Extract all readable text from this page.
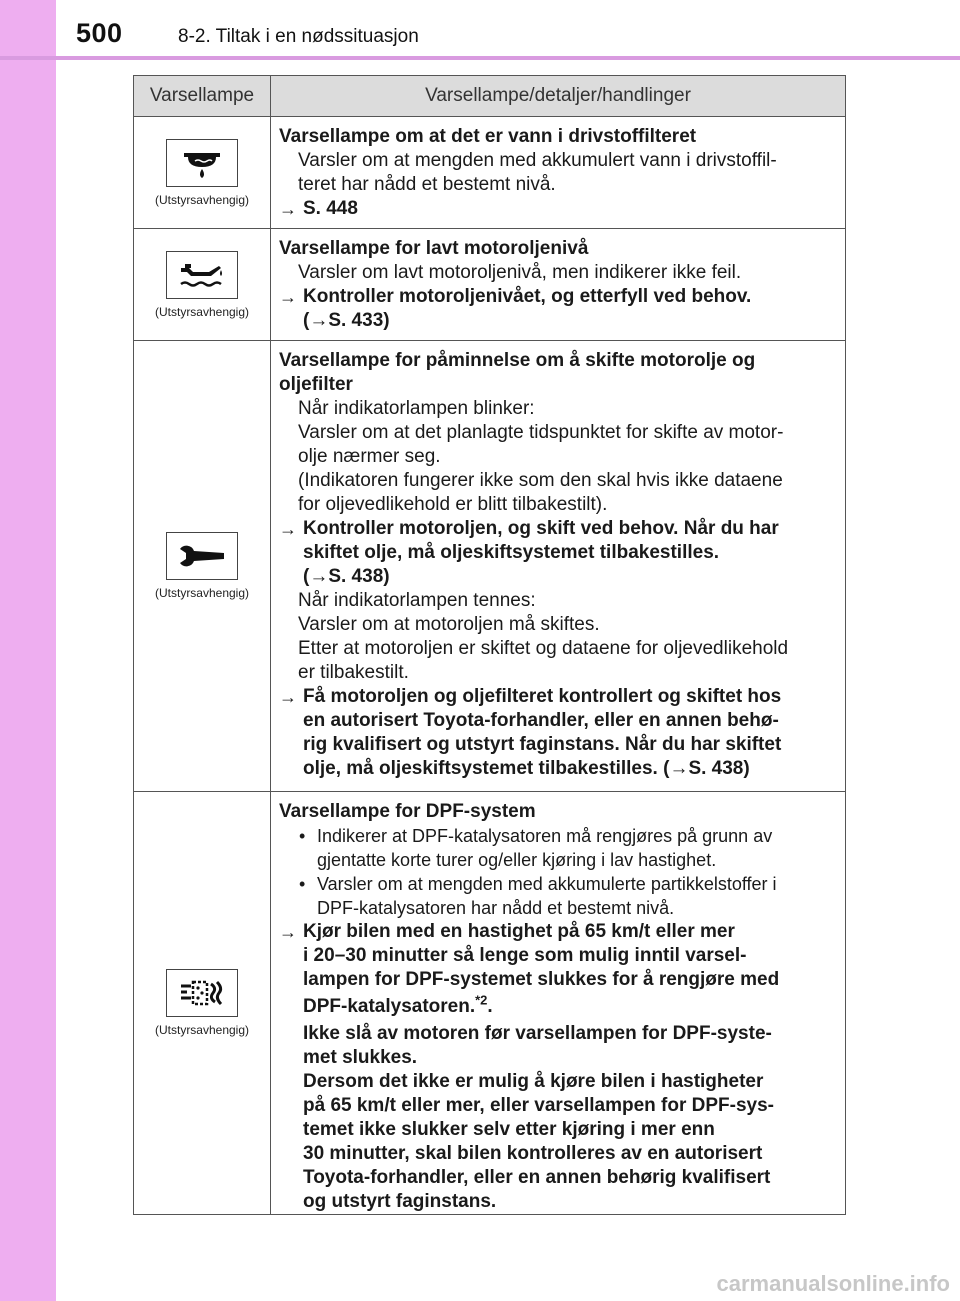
500	8-2. Tiltak i en nødssituasjon
Varsellampe	Varsellampe/detaljer/handlinger
(Utstyrsavhengig)
Varsellampe om at det er vann i drivstoffilteret
Varsler om at mengden med akkumulert vann i drivstoffil-
teret har nådd et bestemt nivå.
→ S. 448
(Utstyrsavhengig)
Varsellampe for lavt motoroljenivå
Varsler om lavt motoroljenivå, men indikerer ikke feil.
→ Kontroller motoroljenivået, og etterfyll ved behov.
(→S. 433)
(Utstyrsavhengig)
Varsellampe for påminnelse om å skifte motorolje og
oljefilter
Når indikatorlampen blinker:
Varsler om at det planlagte tidspunktet for skifte av motor-
olje nærmer seg.
(Indikatoren fungerer ikke som den skal hvis ikke dataene
for oljevedlikehold er blitt tilbakestilt).
→ Kontroller motoroljen, og skift ved behov. Når du har
skiftet olje, må oljeskiftsystemet tilbakestilles.
(→S. 438)
Når indikatorlampen tennes:
Varsler om at motoroljen må skiftes.
Etter at motoroljen er skiftet og dataene for oljevedlikehold
er tilbakestilt.
→ Få motoroljen og oljefilteret kontrollert og skiftet hos
en autorisert Toyota-forhandler, eller en annen behø-
rig kvalifisert og utstyrt faginstans. Når du har skiftet
olje, må oljeskiftsystemet tilbakestilles. (→S. 438)
(Utstyrsavhengig)
Varsellampe for DPF-system
• Indikerer at DPF-katalysatoren må rengjøres på grunn av
gjentatte korte turer og/eller kjøring i lav hastighet.
• Varsler om at mengden med akkumulerte partikkelstoffer i
DPF-katalysatoren har nådd et bestemt nivå.
→ Kjør bilen med en hastighet på 65 km/t eller mer
i 20–30 minutter så lenge som mulig inntil varsel-
lampen for DPF-systemet slukkes for å rengjøre med
DPF-katalysatoren.$^{*2}$.
Ikke slå av motoren før varsellampen for DPF-syste-
met slukkes.
Dersom det ikke er mulig å kjøre bilen i hastigheter
på 65 km/t eller mer, eller varsellampen for DPF-sys-
temet ikke slukker selv etter kjøring i mer enn
30 minutter, skal bilen kontrolleres av en autorisert
Toyota-forhandler, eller en annen behørig kvalifisert
og utstyrt faginstans.
carmanualsonline.info
